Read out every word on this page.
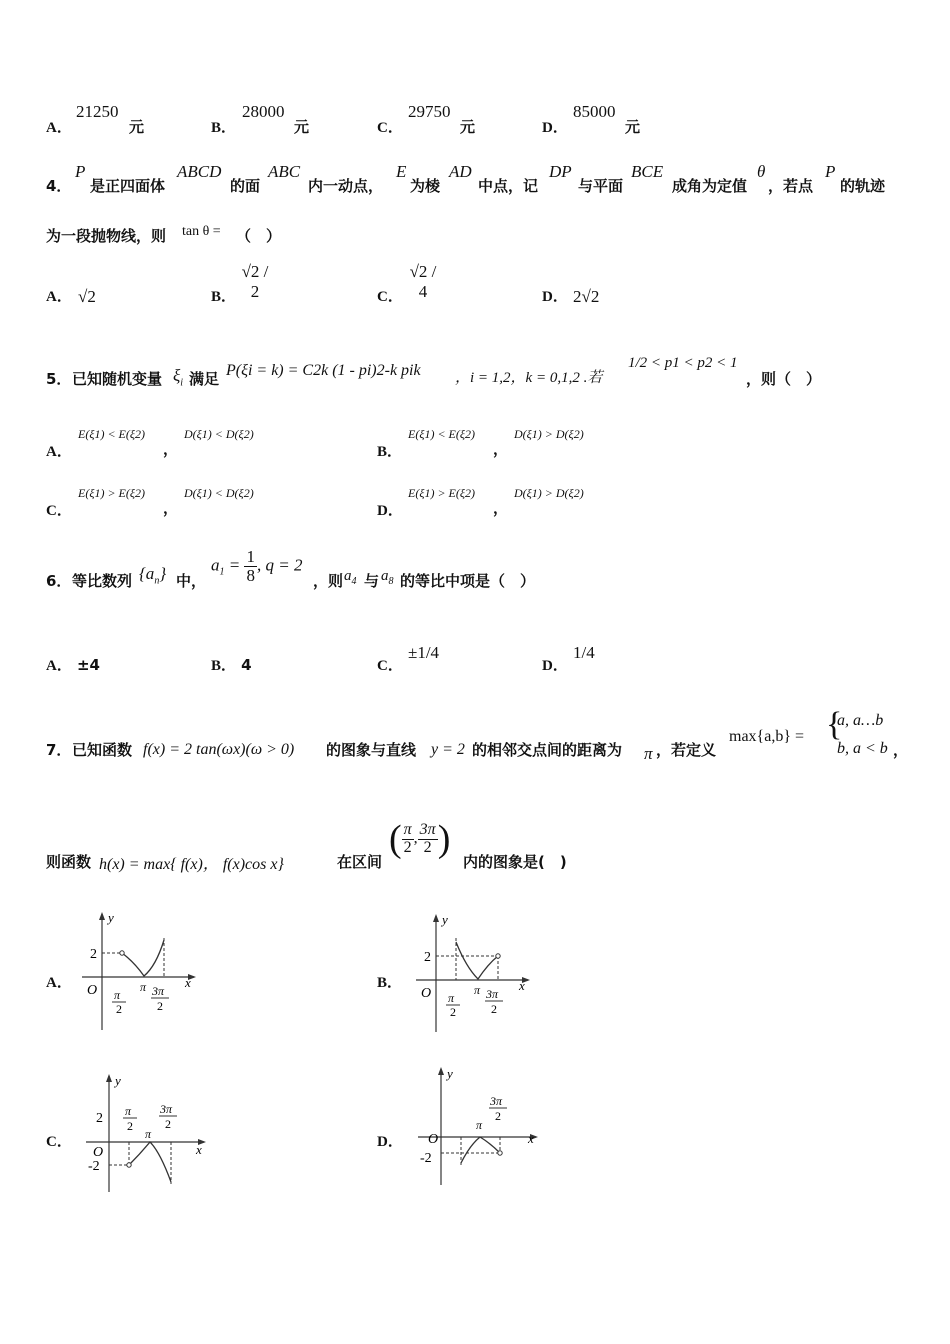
A．
21250
元	B．
28000
元	C．
29750
元	D．
85000
元
4．
P
是正四面体
ABCD
的面
ABC
内一动点，
E
为棱
AD
中点，记
DP
与平面
BCE
成角为定值
θ
，若点
P
的轨迹
为一段抛物线，则 tan θ = （　）
A． √2	B．
√2 / 2	C．
√2 / 4	D． 2√2
5． 已知随机变量 $\xi_i$ 满足 P(ξi = k) = C2k (1 - pi)2-k pik ，i = 1,2，k = 0,1,2 .若
1/2 < p1 < p2 < 1
，则（　）
A．
E(ξ1) < E(ξ2)
，
D(ξ1) < D(ξ2)
B．
E(ξ1) < E(ξ2)
，
D(ξ1) > D(ξ2)
C．
E(ξ1) > E(ξ2)
，
D(ξ1) < D(ξ2)
D．
E(ξ1) > E(ξ2)
，
D(ξ1) > D(ξ2)
6． 等比数列 $\{a_n\}$ 中，
$a_1 = \frac{1}{8}$ , q = 2
，则 $a_4$ 与 $a_8$ 的等比中项是（　）
A． ±4	B． 4	C．
±1/4
D．
1/4
7． 已知函数 f(x) = 2 tan(ωx)(ω > 0) 的图象与直线 y = 2 的相邻交点间的距离为 π ，若定义
max{a,b} = {
a, a…b
b, a < b ，
则函数 h(x) = max{ f(x)， f(x)cos x}	在区间
( $\frac{\pi}{2}$ , $\frac{3\pi}{2}$ )
内的图象是(　)
A．	B．
C．	D．
y
x
O
2
π
2
π 3π
2
y
x
O
2
π
2
π 3π
2
y
x
O
2
-2
π
2
π
3π
2
y
x
O
-2
π
3π
2
